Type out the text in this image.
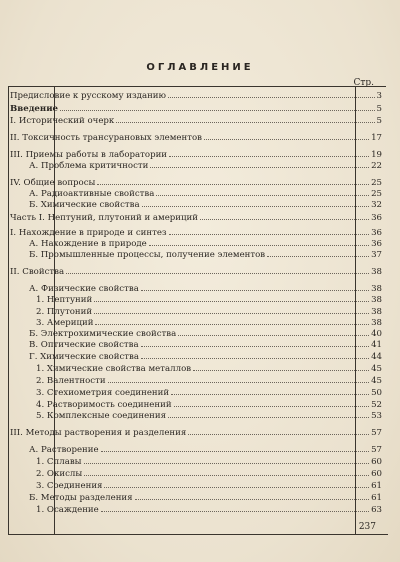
ОГЛАВЛЕНИЕ
Стр.
Предисловие к русскому изданию	3
Введение	5
I. Исторический очерк	5
II. Токсичность трансурановых элементов	17
III. Приемы работы в лаборатории	19
А. Проблема критичности	22
IV. Общие вопросы	25
А. Радиоактивные свойства	25
Б. Химические свойства	32
Часть I. Нептуний, плутоний и америций	36
I. Нахождение в природе и синтез	36
А. Нахождение в природе	36
Б. Промышленные процессы, получение элементов	37
II. Свойства	38
А. Физические свойства	38
1. Нептуний	38
2. Плутоний	38
3. Америций	38
Б. Электрохимические свойства	40
В. Оптические свойства	41
Г. Химические свойства	44
1. Химические свойства металлов	45
2. Валентности	45
3. Стехиометрия соединений	50
4. Растворимость соединений	52
5. Комплексные соединения	53
III. Методы растворения и разделения	57
А. Растворение	57
1. Сплавы	60
2. Окислы	60
3. Соединения	61
Б. Методы разделения	61
1. Осаждение	63
237
